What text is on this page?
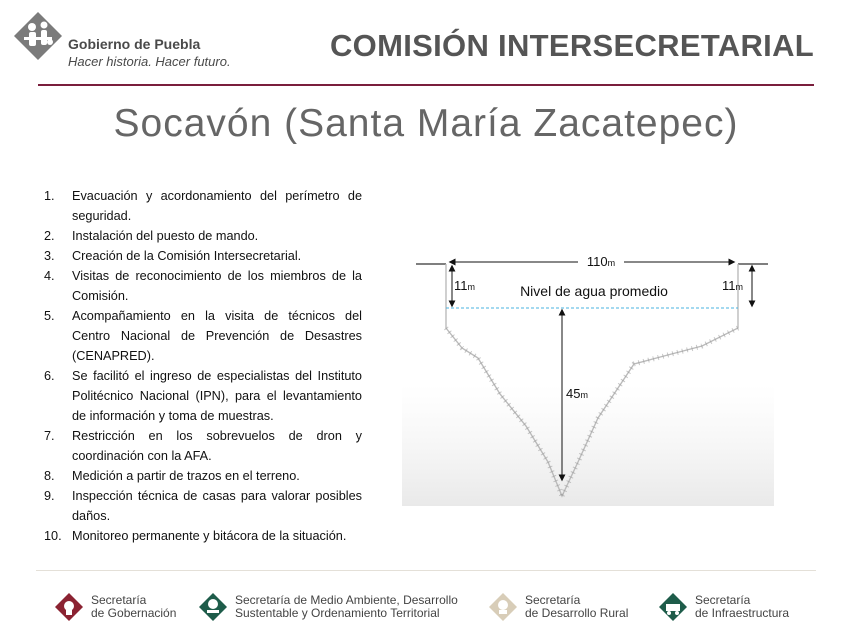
Gobierno de Puebla
Hacer historia. Hacer futuro.	COMISIÓN INTERSECRETARIAL
Socavón (Santa María Zacatepec)
1. Evacuación y acordonamiento del perímetro de seguridad.
2. Instalación del puesto de mando.
3. Creación de la Comisión Intersecretarial.
4. Visitas de reconocimiento de los miembros de la Comisión.
5. Acompañamiento en la visita de técnicos del Centro Nacional de Prevención de Desastres (CENAPRED).
6. Se facilitó el ingreso de especialistas del Instituto Politécnico Nacional (IPN), para el levantamiento de información y toma de muestras.
7. Restricción en los sobrevuelos de dron y coordinación con la AFA.
8. Medición a partir de trazos en el terreno.
9. Inspección técnica de casas para valorar posibles daños.
10. Monitoreo permanente y bitácora de la situación.
110m
11m	11m
Nivel de agua promedio
45m
Secretaría
de Gobernación
Secretaría de Medio Ambiente, Desarrollo
Sustentable y Ordenamiento Territorial
Secretaría
de Desarrollo Rural
Secretaría
de Infraestructura
